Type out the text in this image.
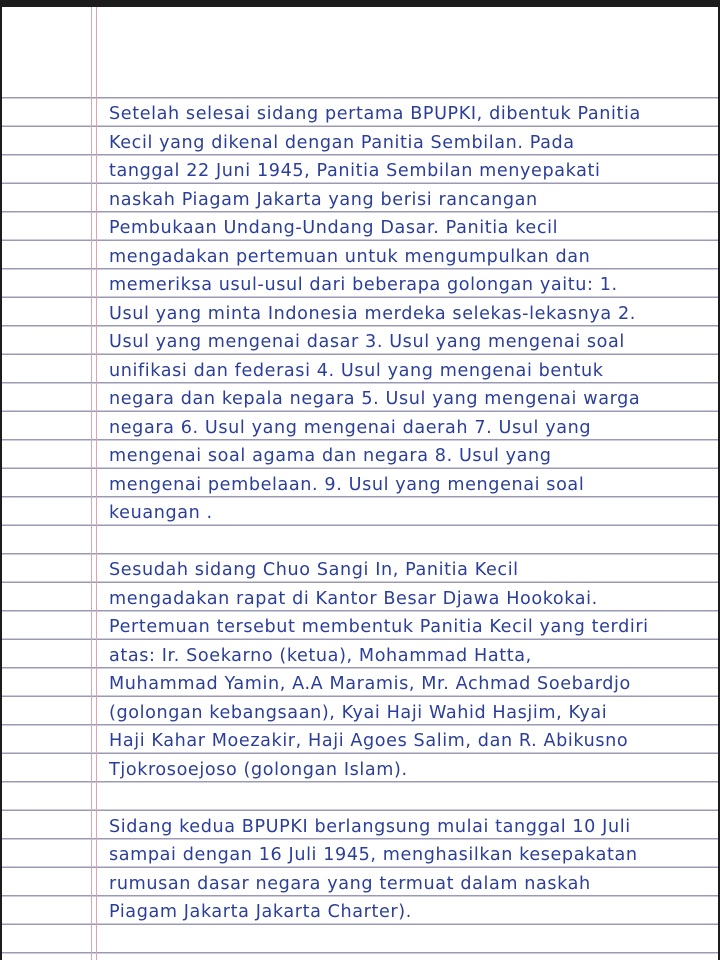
Setelah selesai sidang pertama BPUPKI, dibentuk Panitia
Kecil yang dikenal dengan Panitia Sembilan. Pada
tanggal 22 Juni 1945, Panitia Sembilan menyepakati
naskah Piagam Jakarta yang berisi rancangan
Pembukaan Undang-Undang Dasar. Panitia kecil
mengadakan pertemuan untuk mengumpulkan dan
memeriksa usul-usul dari beberapa golongan yaitu: 1.
Usul yang minta Indonesia merdeka selekas-lekasnya 2.
Usul yang mengenai dasar 3. Usul yang mengenai soal
unifikasi dan federasi 4. Usul yang mengenai bentuk
negara dan kepala negara 5. Usul yang mengenai warga
negara 6. Usul yang mengenai daerah 7. Usul yang
mengenai soal agama dan negara 8. Usul yang
mengenai pembelaan. 9. Usul yang mengenai soal
keuangan .

Sesudah sidang Chuo Sangi In, Panitia Kecil
mengadakan rapat di Kantor Besar Djawa Hookokai.
Pertemuan tersebut membentuk Panitia Kecil yang terdiri
atas: Ir. Soekarno (ketua), Mohammad Hatta,
Muhammad Yamin, A.A Maramis, Mr. Achmad Soebardjo
(golongan kebangsaan), Kyai Haji Wahid Hasjim, Kyai
Haji Kahar Moezakir, Haji Agoes Salim, dan R. Abikusno
Tjokrosoejoso (golongan Islam).

Sidang kedua BPUPKI berlangsung mulai tanggal 10 Juli
sampai dengan 16 Juli 1945, menghasilkan kesepakatan
rumusan dasar negara yang termuat dalam naskah
Piagam Jakarta Jakarta Charter).
